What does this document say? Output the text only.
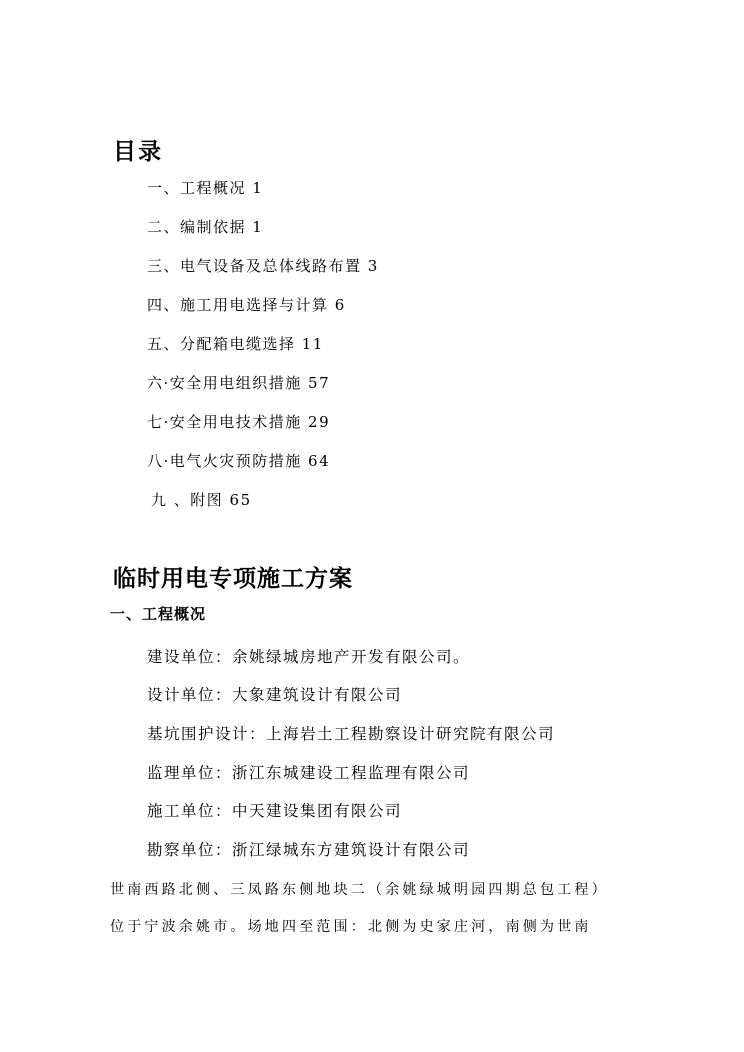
目录
一、工程概况 1
二、编制依据 1
三、电气设备及总体线路布置 3
四、施工用电选择与计算 6
五、分配箱电缆选择 11
六·安全用电组织措施 57
七·安全用电技术措施 29
八·电气火灾预防措施 64
九 、附图 65
临时用电专项施工方案
一、工程概况
建设单位：余姚绿城房地产开发有限公司。
设计单位：大象建筑设计有限公司
基坑围护设计：上海岩土工程勘察设计研究院有限公司
监理单位：浙江东城建设工程监理有限公司
施工单位：中天建设集团有限公司
勘察单位：浙江绿城东方建筑设计有限公司
世南西路北侧、三凤路东侧地块二（余姚绿城明园四期总包工程）
位于宁波余姚市。场地四至范围：北侧为史家庄河，南侧为世南
